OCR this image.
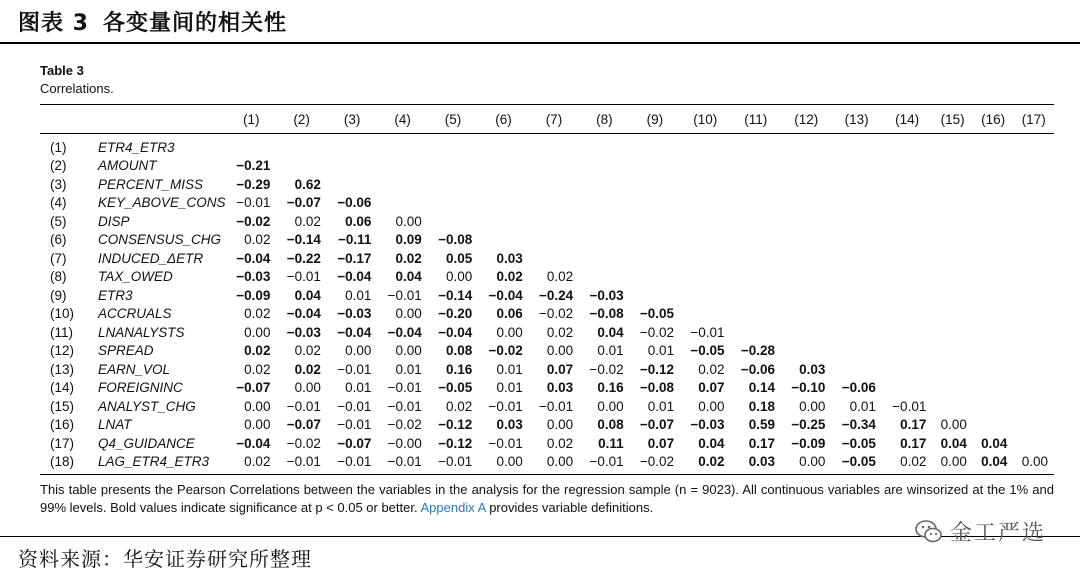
图表 3 各变量间的相关性
Table 3
Correlations.
		(1)	(2)	(3)	(4)	(5)	(6)	(7)	(8)	(9)	(10)	(11)	(12)	(13)	(14)	(15)	(16)	(17)
(1)	ETR4_ETR3																	
(2)	AMOUNT	−0.21																
(3)	PERCENT_MISS	−0.29	0.62															
(4)	KEY_ABOVE_CONS	−0.01	−0.07	−0.06														
(5)	DISP	−0.02	0.02	0.06	0.00													
(6)	CONSENSUS_CHG	0.02	−0.14	−0.11	0.09	−0.08												
(7)	INDUCED_ΔETR	−0.04	−0.22	−0.17	0.02	0.05	0.03											
(8)	TAX_OWED	−0.03	−0.01	−0.04	0.04	0.00	0.02	0.02										
(9)	ETR3	−0.09	0.04	0.01	−0.01	−0.14	−0.04	−0.24	−0.03									
(10)	ACCRUALS	0.02	−0.04	−0.03	0.00	−0.20	0.06	−0.02	−0.08	−0.05								
(11)	LNANALYSTS	0.00	−0.03	−0.04	−0.04	−0.04	0.00	0.02	0.04	−0.02	−0.01							
(12)	SPREAD	0.02	0.02	0.00	0.00	0.08	−0.02	0.00	0.01	0.01	−0.05	−0.28						
(13)	EARN_VOL	0.02	0.02	−0.01	0.01	0.16	0.01	0.07	−0.02	−0.12	0.02	−0.06	0.03					
(14)	FOREIGNINC	−0.07	0.00	0.01	−0.01	−0.05	0.01	0.03	0.16	−0.08	0.07	0.14	−0.10	−0.06				
(15)	ANALYST_CHG	0.00	−0.01	−0.01	−0.01	0.02	−0.01	−0.01	0.00	0.01	0.00	0.18	0.00	0.01	−0.01			
(16)	LNAT	0.00	−0.07	−0.01	−0.02	−0.12	0.03	0.00	0.08	−0.07	−0.03	0.59	−0.25	−0.34	0.17	0.00		
(17)	Q4_GUIDANCE	−0.04	−0.02	−0.07	−0.00	−0.12	−0.01	0.02	0.11	0.07	0.04	0.17	−0.09	−0.05	0.17	0.04	0.04	
(18)	LAG_ETR4_ETR3	0.02	−0.01	−0.01	−0.01	−0.01	0.00	0.00	−0.01	−0.02	0.02	0.03	0.00	−0.05	0.02	0.00	0.04	0.00
This table presents the Pearson Correlations between the variables in the analysis for the regression sample (n = 9023). All continuous variables are winsorized at the 1% and 99% levels. Bold values indicate significance at p < 0.05 or better. Appendix A provides variable definitions.
资料来源：华安证券研究所整理
金工严选
